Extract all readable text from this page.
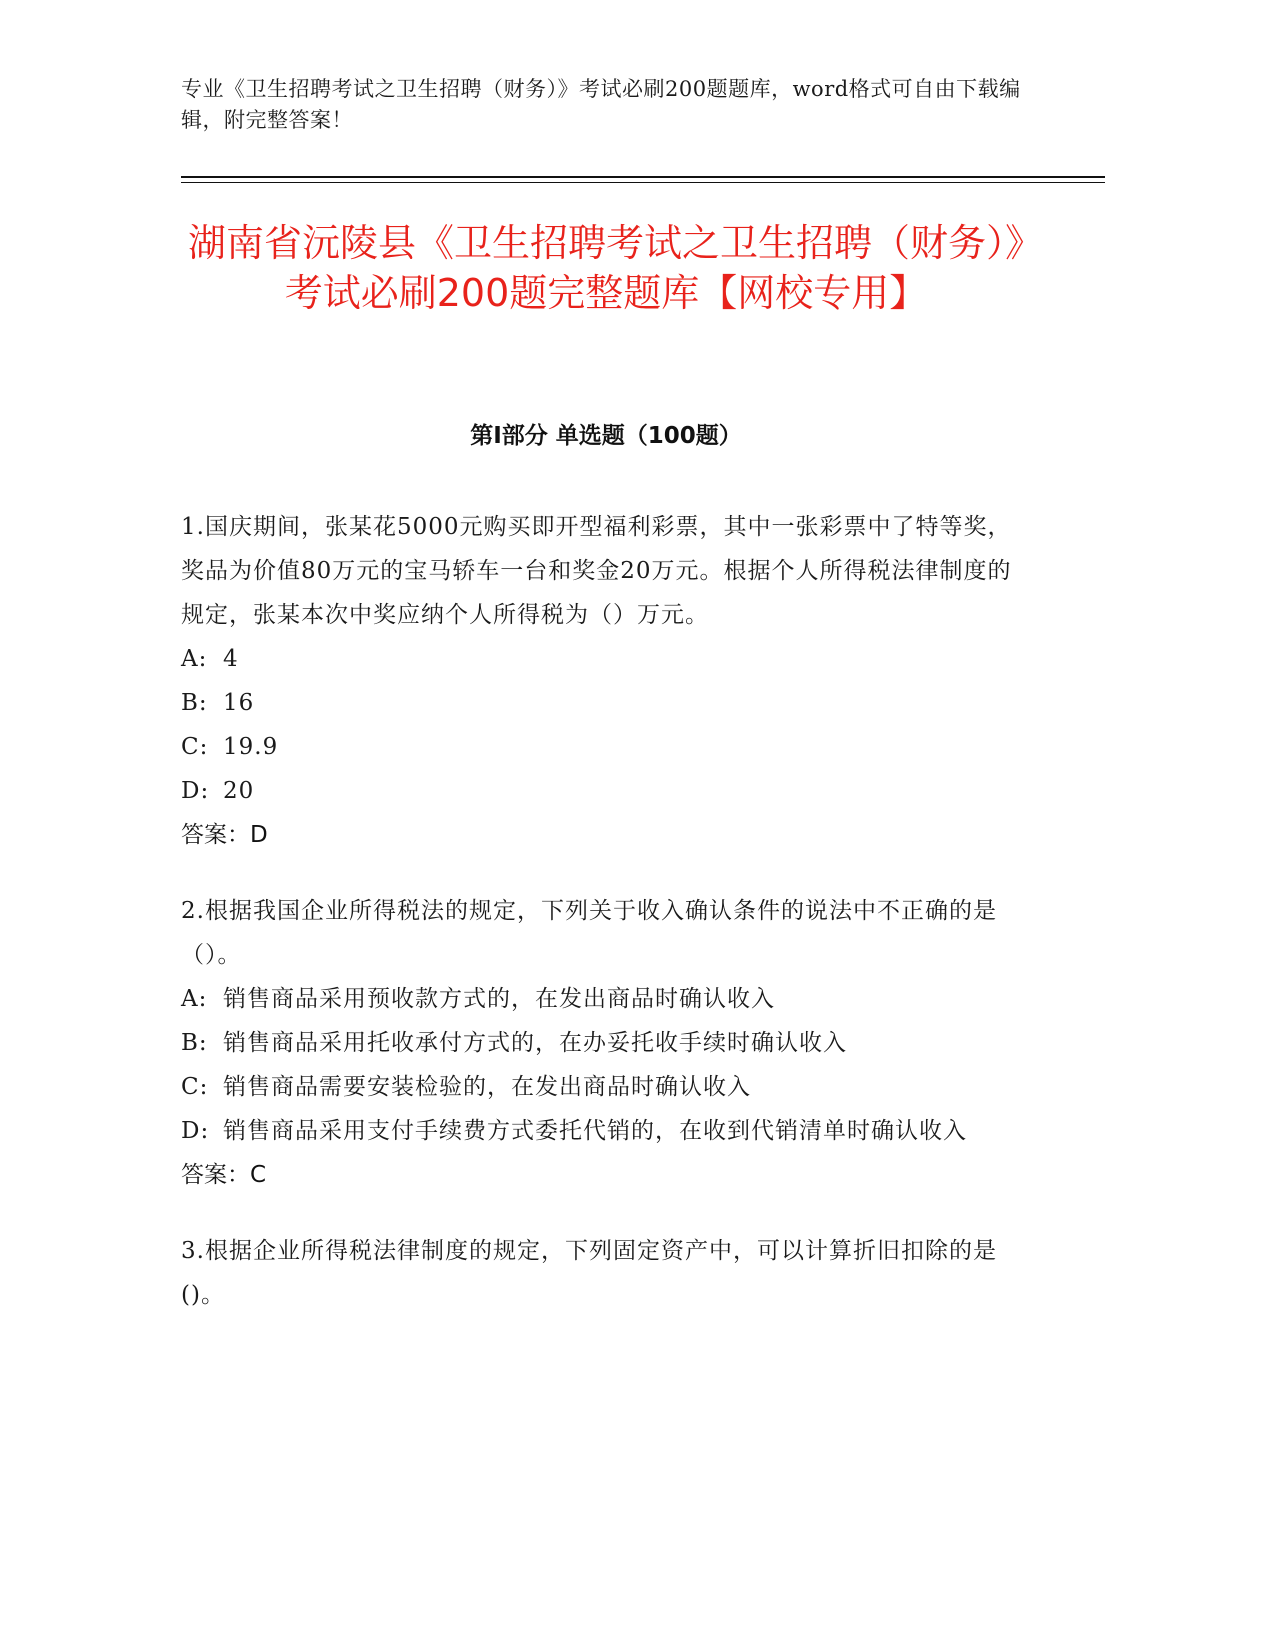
专业《卫生招聘考试之卫生招聘（财务）》考试必刷200题题库，word格式可自由下载编辑，附完整答案！
湖南省沅陵县《卫生招聘考试之卫生招聘（财务）》考试必刷200题完整题库【网校专用】
第Ⅰ部分 单选题（100题）
1.国庆期间，张某花5000元购买即开型福利彩票，其中一张彩票中了特等奖，奖品为价值80万元的宝马轿车一台和奖金20万元。根据个人所得税法律制度的规定，张某本次中奖应纳个人所得税为（）万元。
A: 4
B: 16
C: 19.9
D: 20
答案：D
2.根据我国企业所得税法的规定，下列关于收入确认条件的说法中不正确的是（）。
A: 销售商品采用预收款方式的，在发出商品时确认收入
B: 销售商品采用托收承付方式的，在办妥托收手续时确认收入
C: 销售商品需要安装检验的，在发出商品时确认收入
D: 销售商品采用支付手续费方式委托代销的，在收到代销清单时确认收入
答案：C
3.根据企业所得税法律制度的规定，下列固定资产中，可以计算折旧扣除的是()。
